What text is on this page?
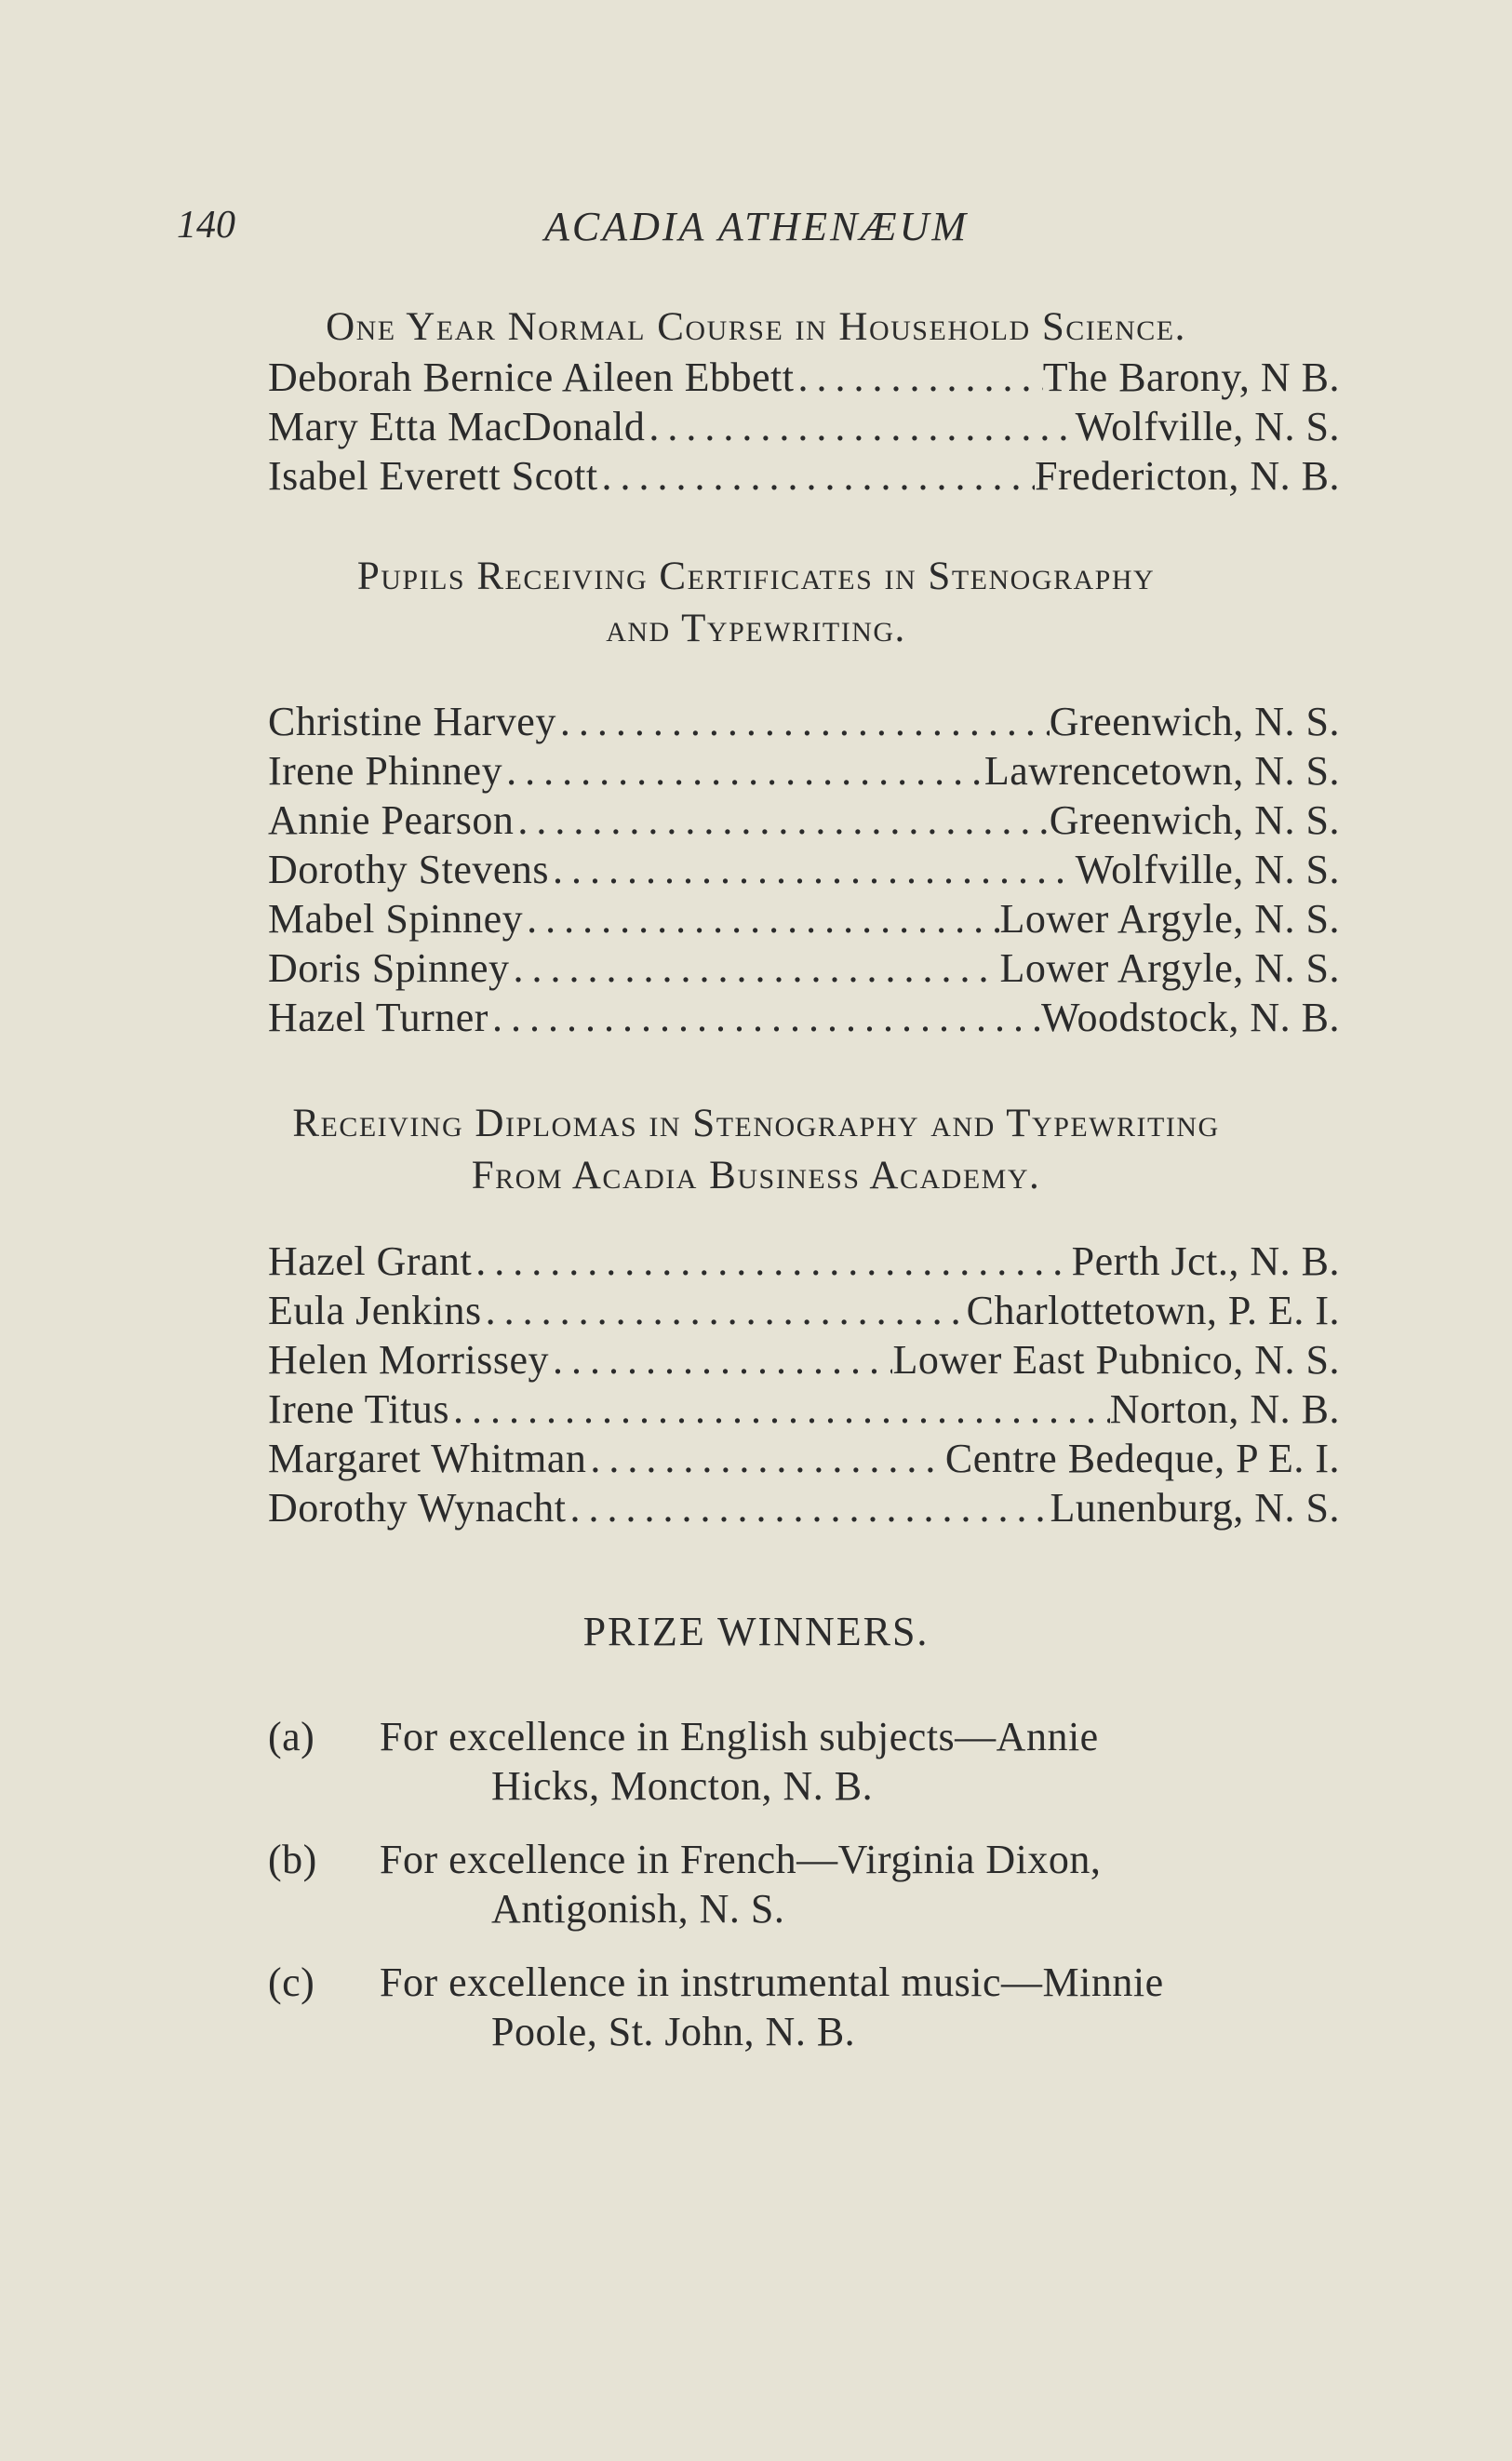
140	ACADIA ATHENÆUM
One Year Normal Course in Household Science.
Deborah Bernice Aileen Ebbett . . .	The Barony, N B.
Mary Etta MacDonald . . .	Wolfville, N. S.
Isabel Everett Scott . . .	Fredericton, N. B.
Pupils Receiving Certificates in Stenography
and Typewriting.
Christine Harvey . . .	Greenwich, N. S.
Irene Phinney . . .	Lawrencetown, N. S.
Annie Pearson . . .	Greenwich, N. S.
Dorothy Stevens . . .	Wolfville, N. S.
Mabel Spinney . . .	Lower Argyle, N. S.
Doris Spinney . . .	Lower Argyle, N. S.
Hazel Turner . . .	Woodstock, N. B.
Receiving Diplomas in Stenography and Typewriting
From Acadia Business Academy.
Hazel Grant . . .	Perth Jct., N. B.
Eula Jenkins . . .	Charlottetown, P. E. I.
Helen Morrissey . . .	Lower East Pubnico, N. S.
Irene Titus . . .	Norton, N. B.
Margaret Whitman . . .	Centre Bedeque, P E. I.
Dorothy Wynacht . . .	Lunenburg, N. S.
PRIZE WINNERS.
(a) For excellence in English subjects—Annie
Hicks, Moncton, N. B.
(b) For excellence in French—Virginia Dixon,
Antigonish, N. S.
(c) For excellence in instrumental music—Minnie
Poole, St. John, N. B.
